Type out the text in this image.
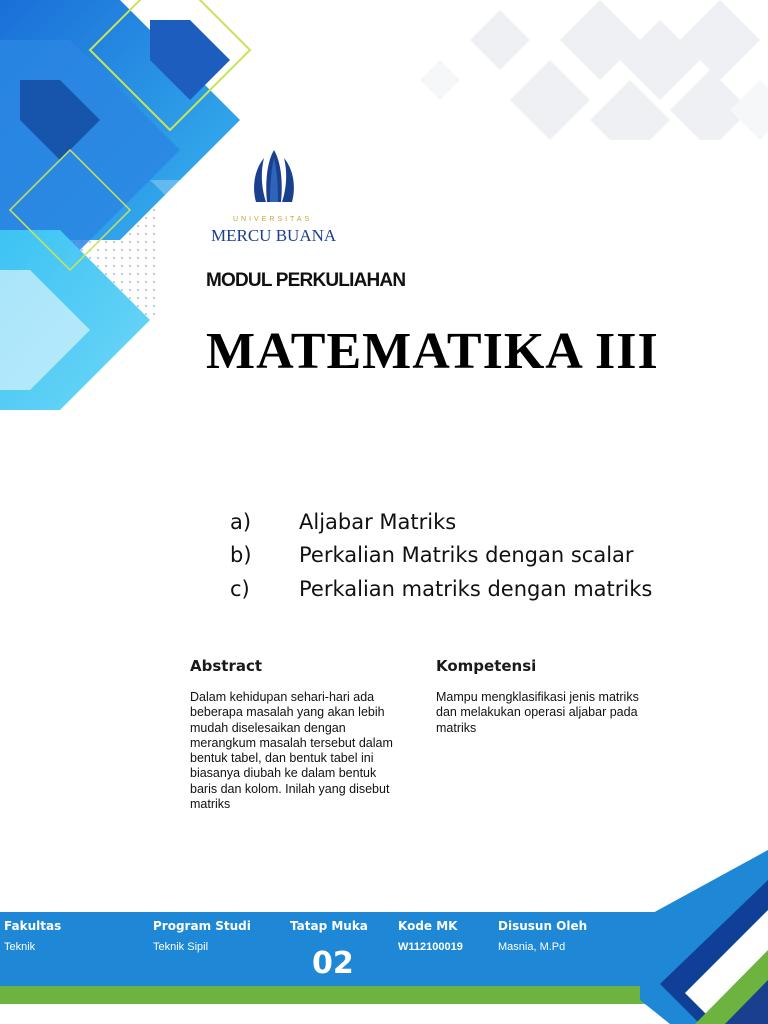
UNIVERSITAS
MERCU BUANA
MODUL PERKULIAHAN
MATEMATIKA III
a) Aljabar Matriks
b) Perkalian Matriks dengan scalar
c) Perkalian matriks dengan matriks
Abstract
Dalam kehidupan sehari-hari ada
beberapa masalah yang akan lebih
mudah diselesaikan dengan
merangkum masalah tersebut dalam
bentuk tabel, dan bentuk tabel ini
biasanya diubah ke dalam bentuk
baris dan kolom. Inilah yang disebut
matriks
Kompetensi
Mampu mengklasifikasi jenis matriks
dan melakukan operasi aljabar pada
matriks
Fakultas
Teknik
Program Studi
Teknik Sipil
Tatap Muka
02
Kode MK
W112100019
Disusun Oleh
Masnia, M.Pd
